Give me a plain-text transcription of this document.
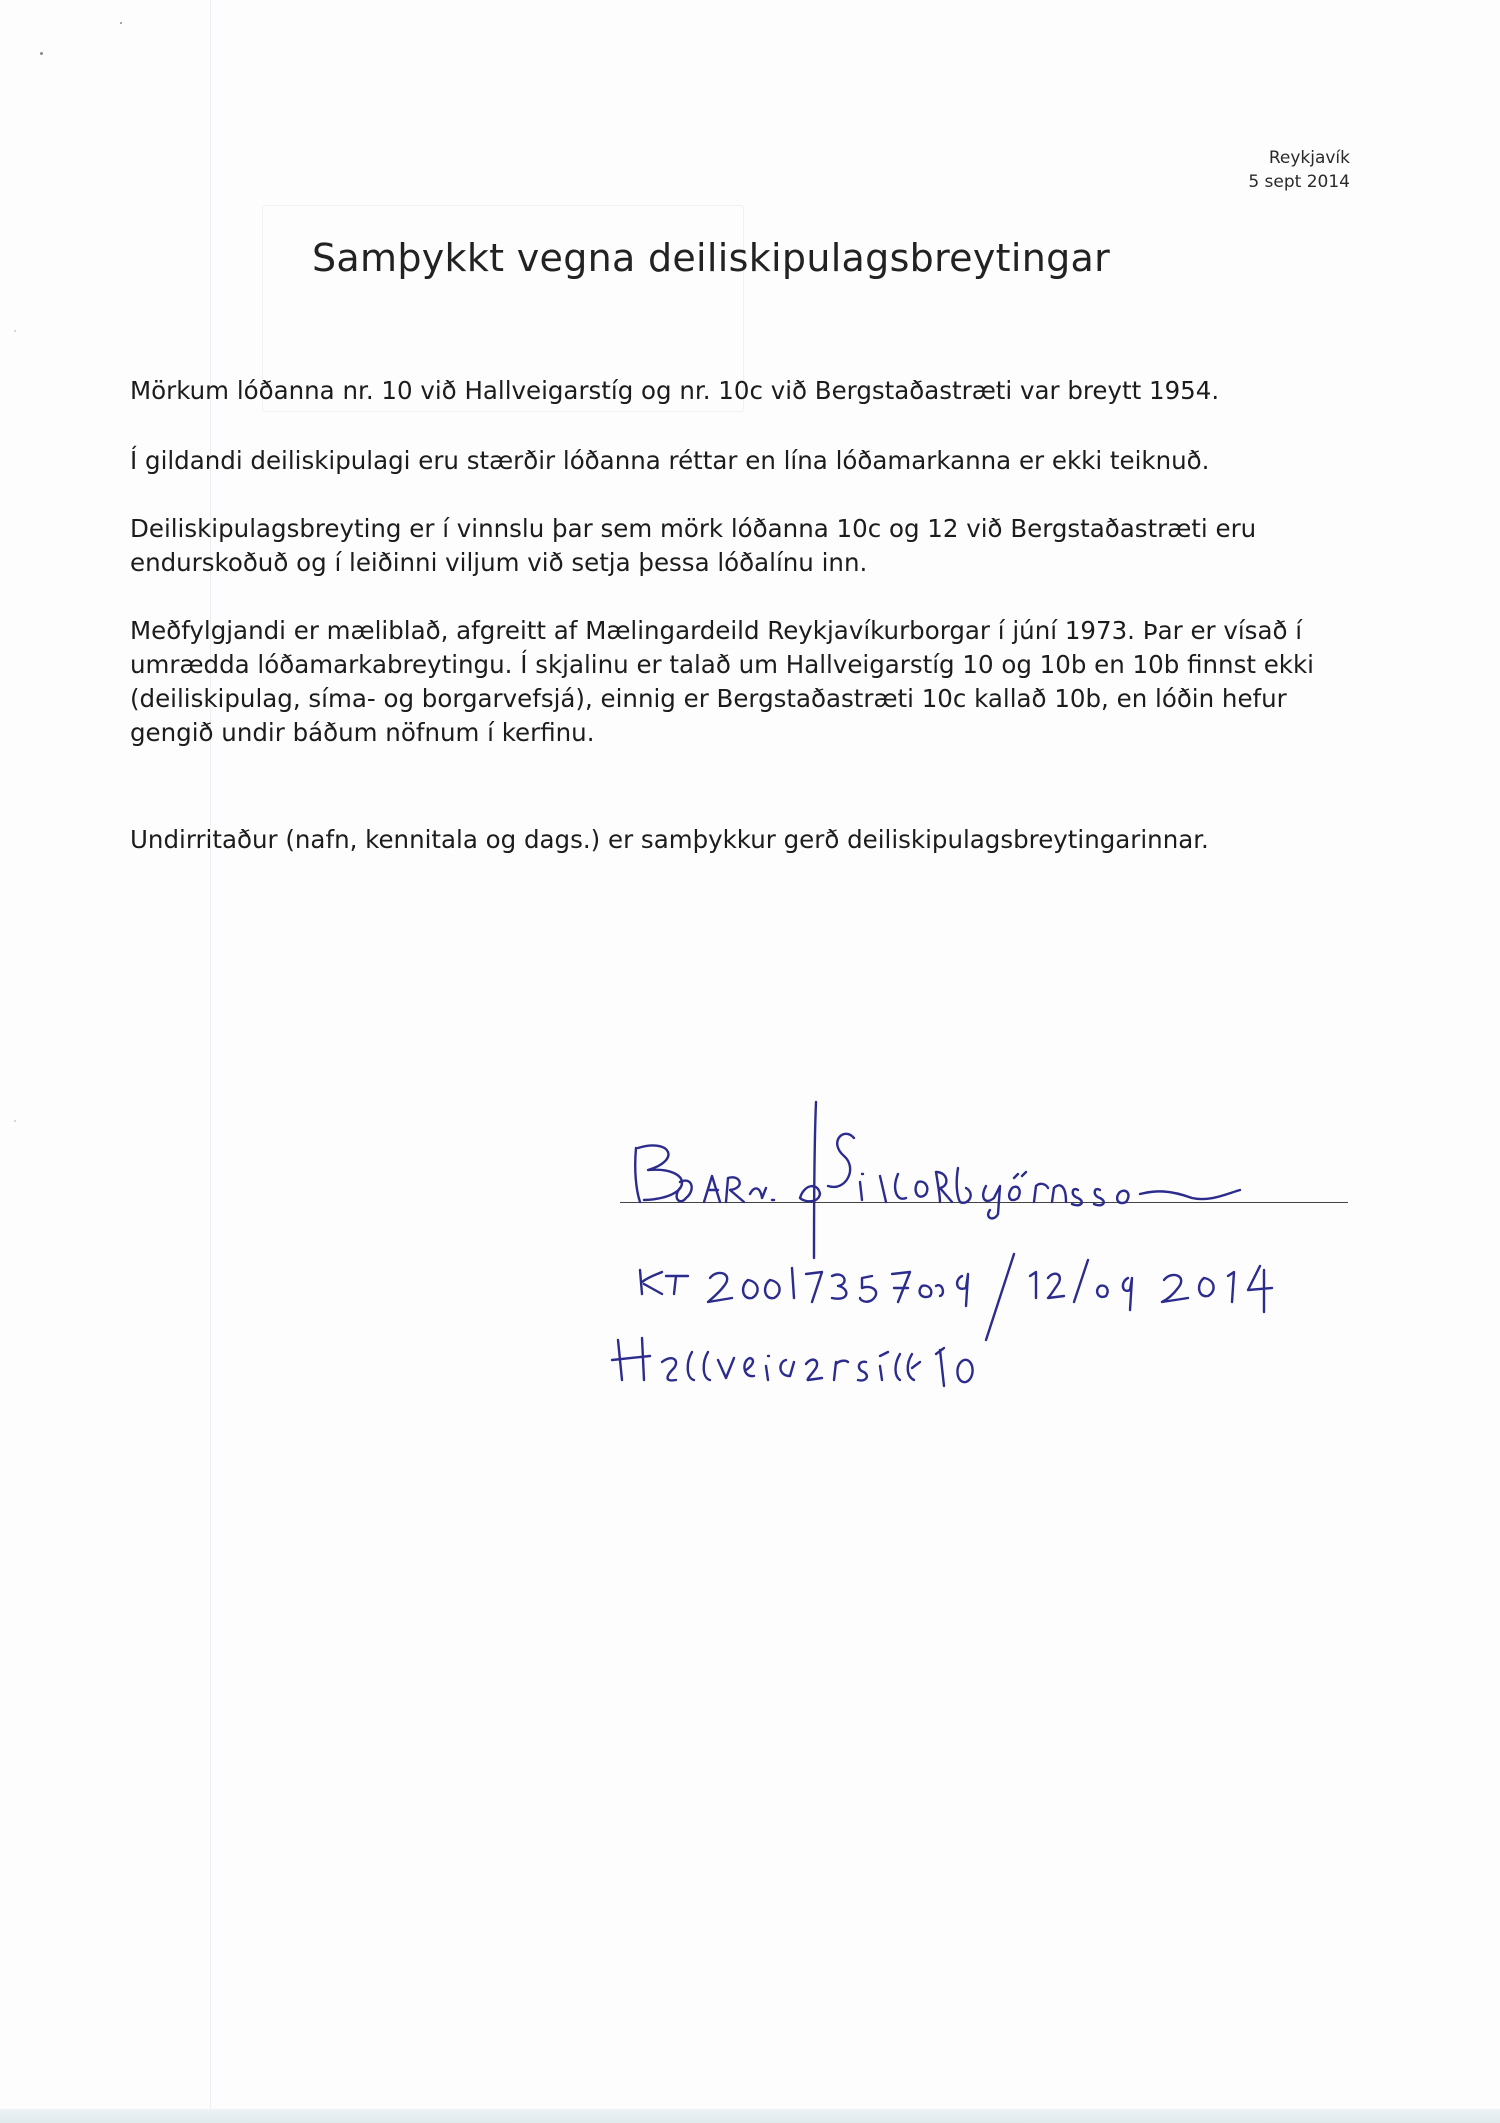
Reykjavík
5 sept 2014
Samþykkt vegna deiliskipulagsbreytingar

Mörkum lóðanna nr. 10 við Hallveigarstíg og nr. 10c við Bergstaðastræti var breytt 1954.

Í gildandi deiliskipulagi eru stærðir lóðanna réttar en lína lóðamarkanna er ekki teiknuð.

Deiliskipulagsbreyting er í vinnslu þar sem mörk lóðanna 10c og 12 við Bergstaðastræti eru endurskoðuð og í leiðinni viljum við setja þessa lóðalínu inn.

Meðfylgjandi er mæliblað, afgreitt af Mælingardeild Reykjavíkurborgar í júní 1973. Þar er vísað í umrædda lóðamarkabreytingu. Í skjalinu er talað um Hallveigarstíg 10 og 10b en 10b finnst ekki (deiliskipulag, síma- og borgarvefsjá), einnig er Bergstaðastræti 10c kallað 10b, en lóðin hefur gengið undir báðum nöfnum í kerfinu.

Undirritaður (nafn, kennitala og dags.) er samþykkur gerð deiliskipulagsbreytingarinnar.
